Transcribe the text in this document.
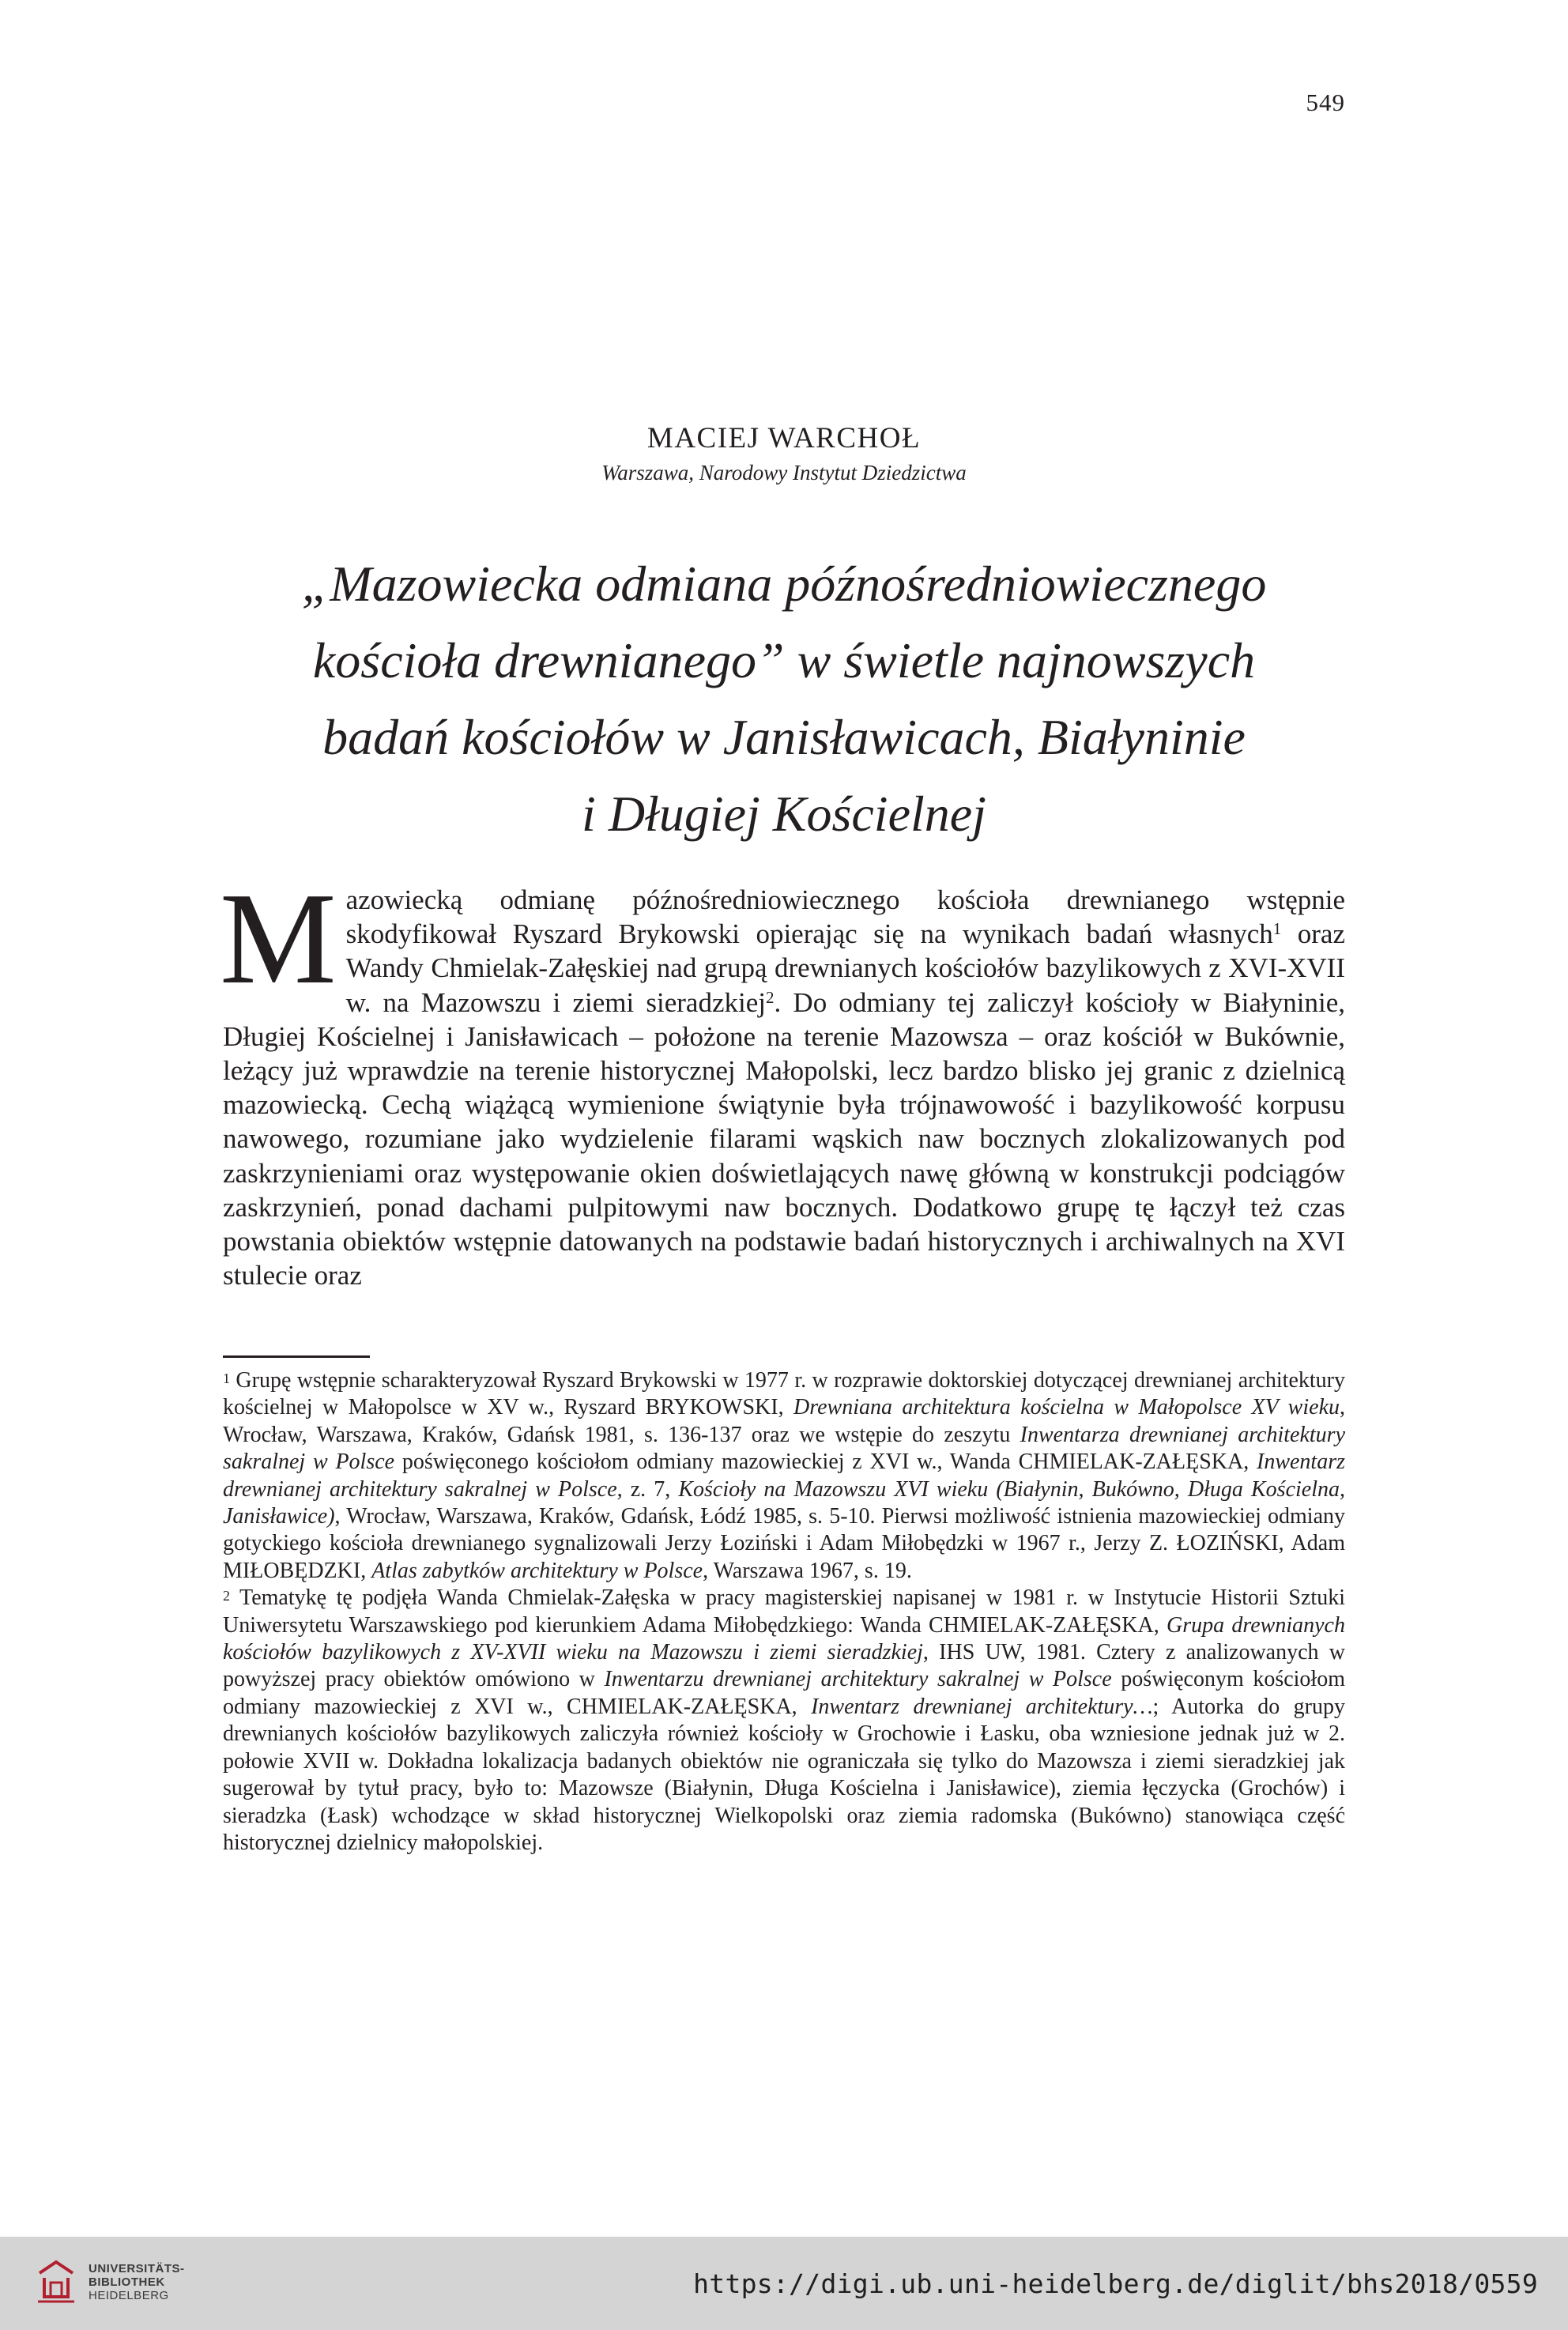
549
MACIEJ WARCHOŁ
Warszawa, Narodowy Instytut Dziedzictwa
„Mazowiecka odmiana późnośredniowiecznego
kościoła drewnianego” w świetle najnowszych
badań kościołów w Janisławicach, Białyninie
i Długiej Kościelnej

Mazowiecką odmianę późnośredniowiecznego kościoła drewnianego wstępnie skodyfikował Ryszard Brykowski opierając się na wynikach badań własnych$^1$ oraz Wandy Chmielak-Załęskiej nad grupą drewnianych kościołów bazylikowych z XVI-XVII w. na Mazowszu i ziemi sieradzkiej$^2$. Do odmiany tej zaliczył kościoły w Białyninie, Długiej Kościelnej i Janisławicach – położone na terenie Mazowsza – oraz kościół w Bukównie, leżący już wprawdzie na terenie historycznej Małopolski, lecz bardzo blisko jej granic z dzielnicą mazowiecką. Cechą wiążącą wymienione świątynie była trójnawowość i bazylikowość korpusu nawowego, rozumiane jako wydzielenie filarami wąskich naw bocznych zlokalizowanych pod zaskrzynieniami oraz występowanie okien doświetlających nawę główną w konstrukcji podciągów zaskrzynień, ponad dachami pulpitowymi naw bocznych. Dodatkowo grupę tę łączył też czas powstania obiektów wstępnie datowanych na podstawie badań historycznych i archiwalnych na XVI stulecie oraz

$^1$ Grupę wstępnie scharakteryzował Ryszard Brykowski w 1977 r. w rozprawie doktorskiej dotyczącej drewnianej architektury kościelnej w Małopolsce w XV w., Ryszard BRYKOWSKI, Drewniana architektura kościelna w Małopolsce XV wieku, Wrocław, Warszawa, Kraków, Gdańsk 1981, s. 136-137 oraz we wstępie do zeszytu Inwentarza drewnianej architektury sakralnej w Polsce poświęconego kościołom odmiany mazowieckiej z XVI w., Wanda CHMIELAK-ZAŁĘSKA, Inwentarz drewnianej architektury sakralnej w Polsce, z. 7, Kościoły na Mazowszu XVI wieku (Białynin, Bukówno, Długa Kościelna, Janisławice), Wrocław, Warszawa, Kraków, Gdańsk, Łódź 1985, s. 5-10. Pierwsi możliwość istnienia mazowieckiej odmiany gotyckiego kościoła drewnianego sygnalizowali Jerzy Łoziński i Adam Miłobędzki w 1967 r., Jerzy Z. ŁOZIŃSKI, Adam MIŁOBĘDZKI, Atlas zabytków architektury w Polsce, Warszawa 1967, s. 19.

$^2$ Tematykę tę podjęła Wanda Chmielak-Załęska w pracy magisterskiej napisanej w 1981 r. w Instytucie Historii Sztuki Uniwersytetu Warszawskiego pod kierunkiem Adama Miłobędzkiego: Wanda CHMIELAK-ZAŁĘSKA, Grupa drewnianych kościołów bazylikowych z XV-XVII wieku na Mazowszu i ziemi sieradzkiej, IHS UW, 1981. Cztery z analizowanych w powyższej pracy obiektów omówiono w Inwentarzu drewnianej architektury sakralnej w Polsce poświęconym kościołom odmiany mazowieckiej z XVI w., CHMIELAK-ZAŁĘSKA, Inwentarz drewnianej architektury…; Autorka do grupy drewnianych kościołów bazylikowych zaliczyła również kościoły w Grochowie i Łasku, oba wzniesione jednak już w 2. połowie XVII w. Dokładna lokalizacja badanych obiektów nie ograniczała się tylko do Mazowsza i ziemi sieradzkiej jak sugerował by tytuł pracy, było to: Mazowsze (Białynin, Długa Kościelna i Janisławice), ziemia łęczycka (Grochów) i sieradzka (Łask) wchodzące w skład historycznej Wielkopolski oraz ziemia radomska (Bukówno) stanowiąca część historycznej dzielnicy małopolskiej.

UNIVERSITÄTS-
BIBLIOTHEK
HEIDELBERG	https://digi.ub.uni-heidelberg.de/diglit/bhs2018/0559
